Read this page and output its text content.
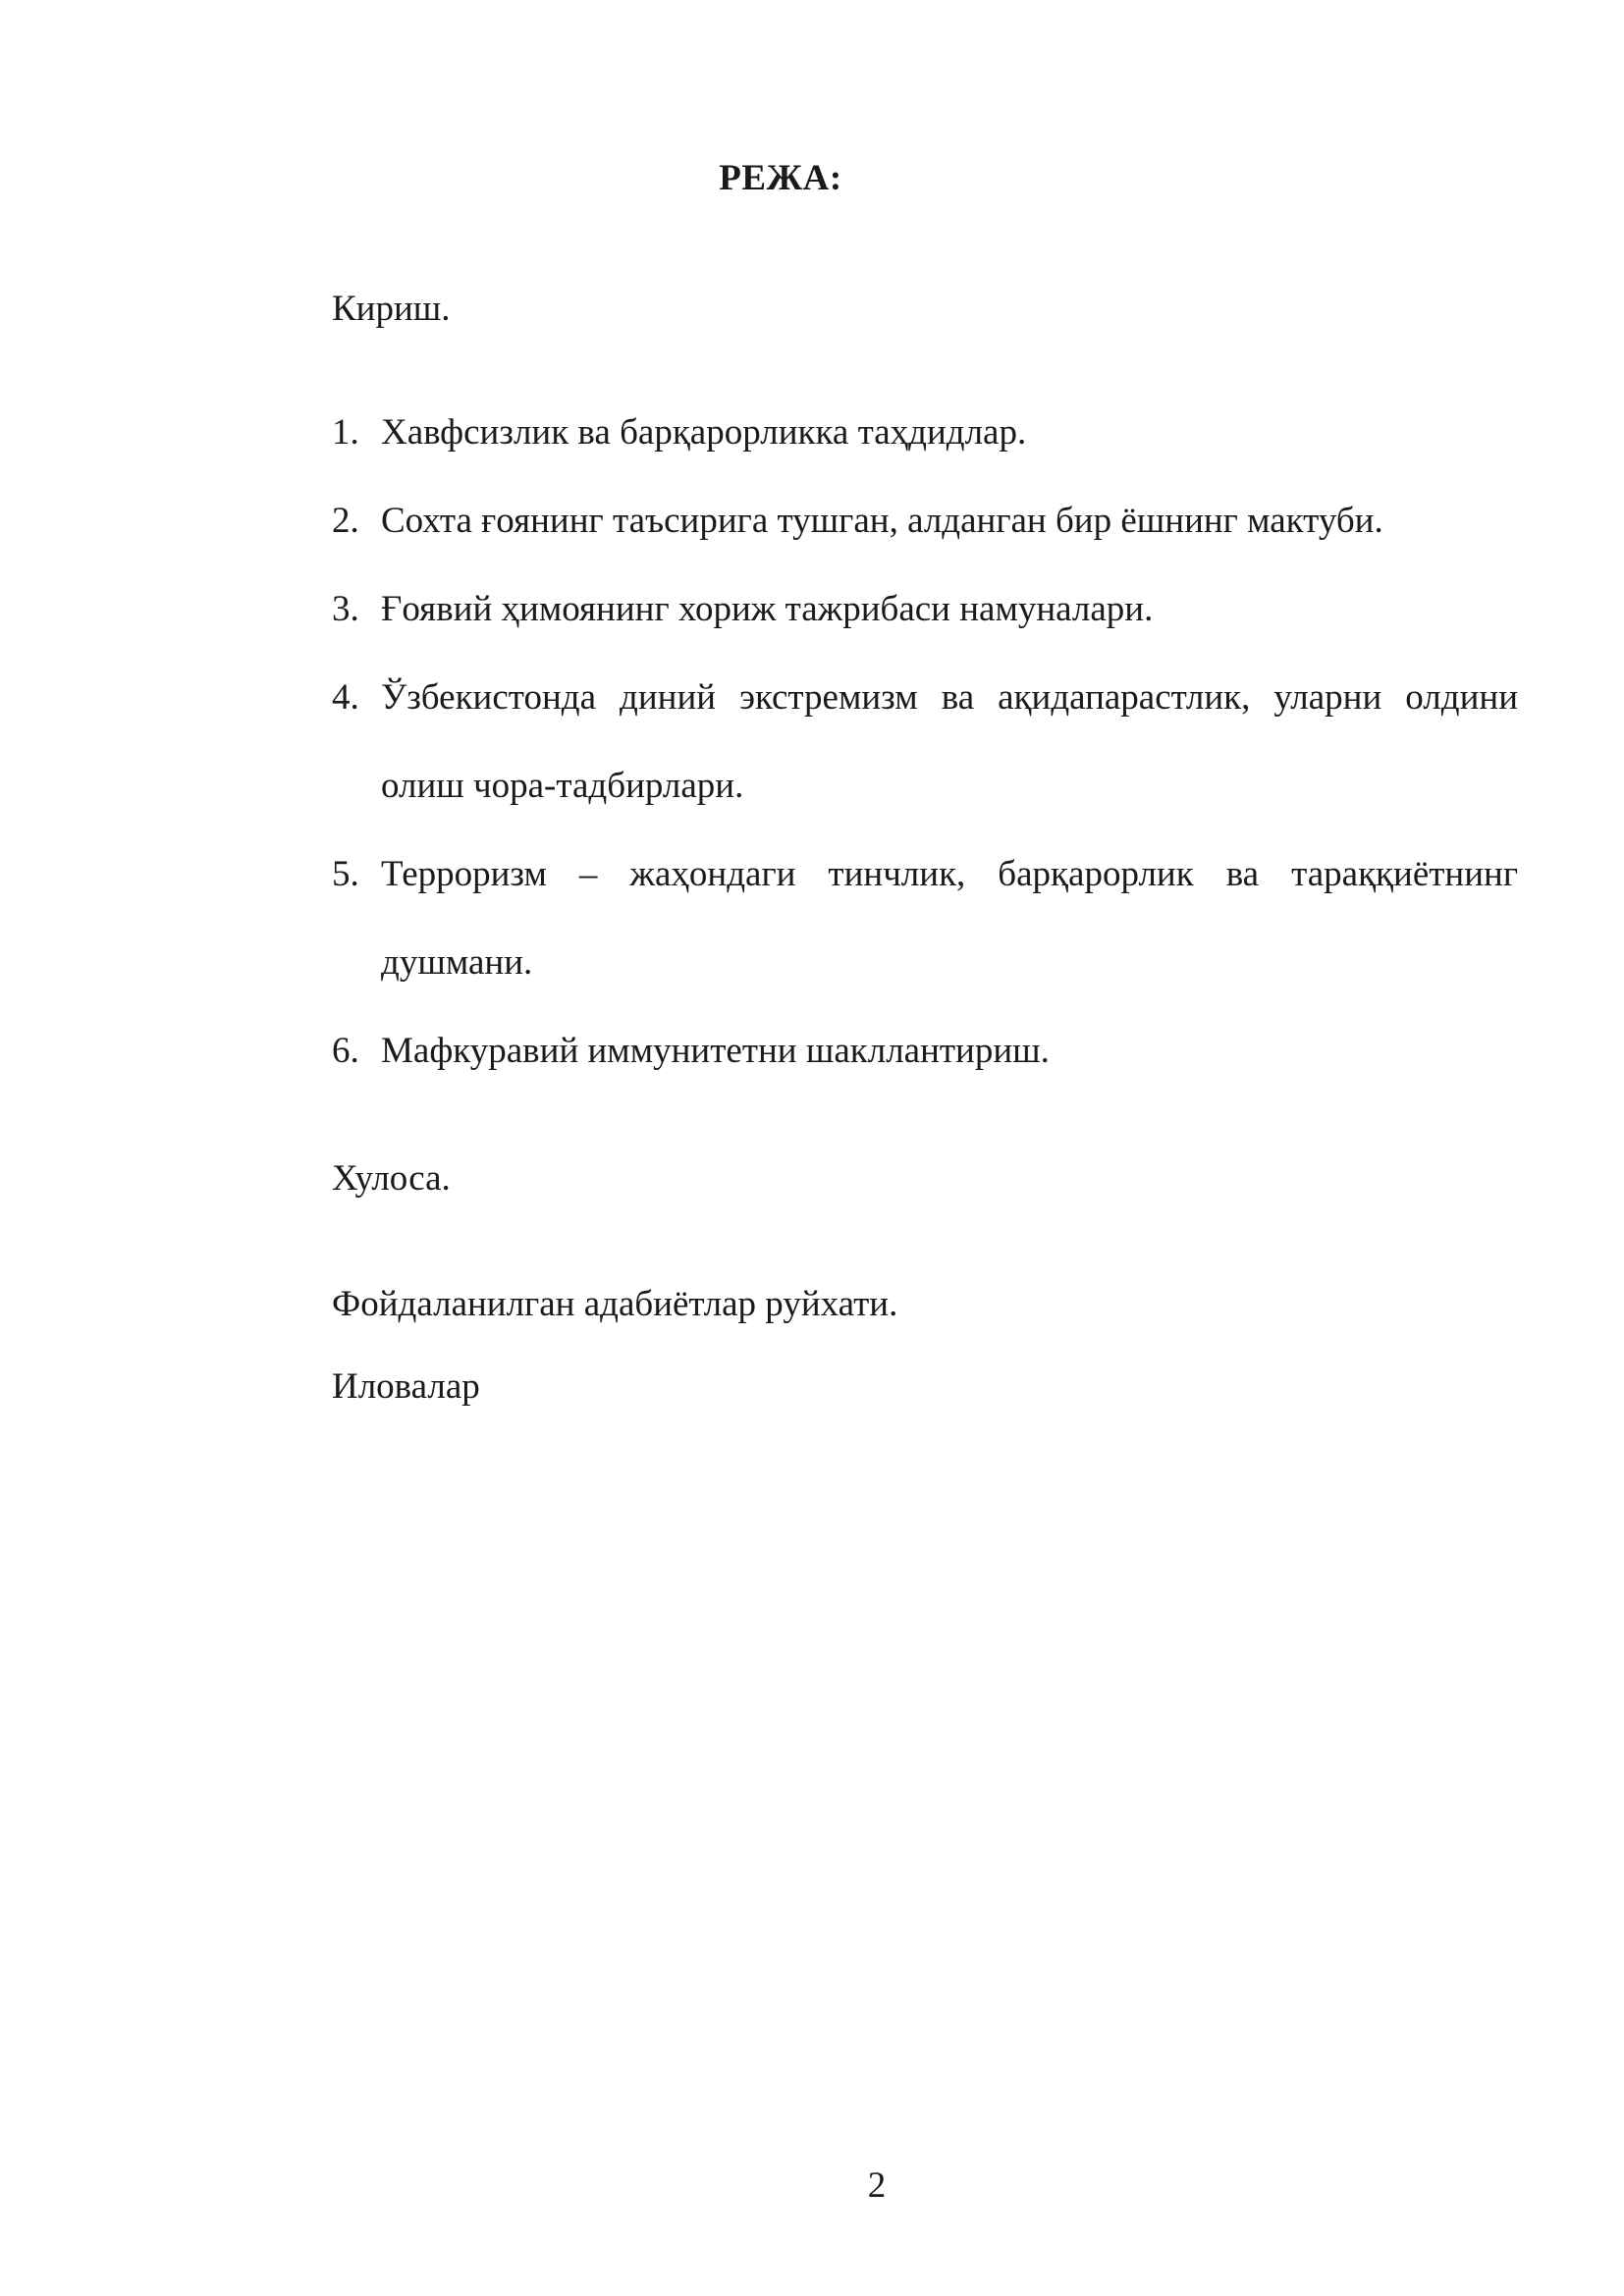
РЕЖА:
Кириш.
1. Хавфсизлик ва барқарорликка таҳдидлар.
2. Сохта ғоянинг таъсирига тушган, алданган бир ёшнинг мактуби.
3. Ғоявий ҳимоянинг хориж тажрибаси намуналари.
4. Ўзбекистонда диний экстремизм ва ақидапарастлик, уларни олдини олиш чора-тадбирлари.
5. Терроризм – жаҳондаги тинчлик, барқарорлик ва тараққиётнинг душмани.
6. Мафкуравий иммунитетни шакллантириш.
Хулоса.
Фойдаланилган адабиётлар руйхати.
Иловалар
2
